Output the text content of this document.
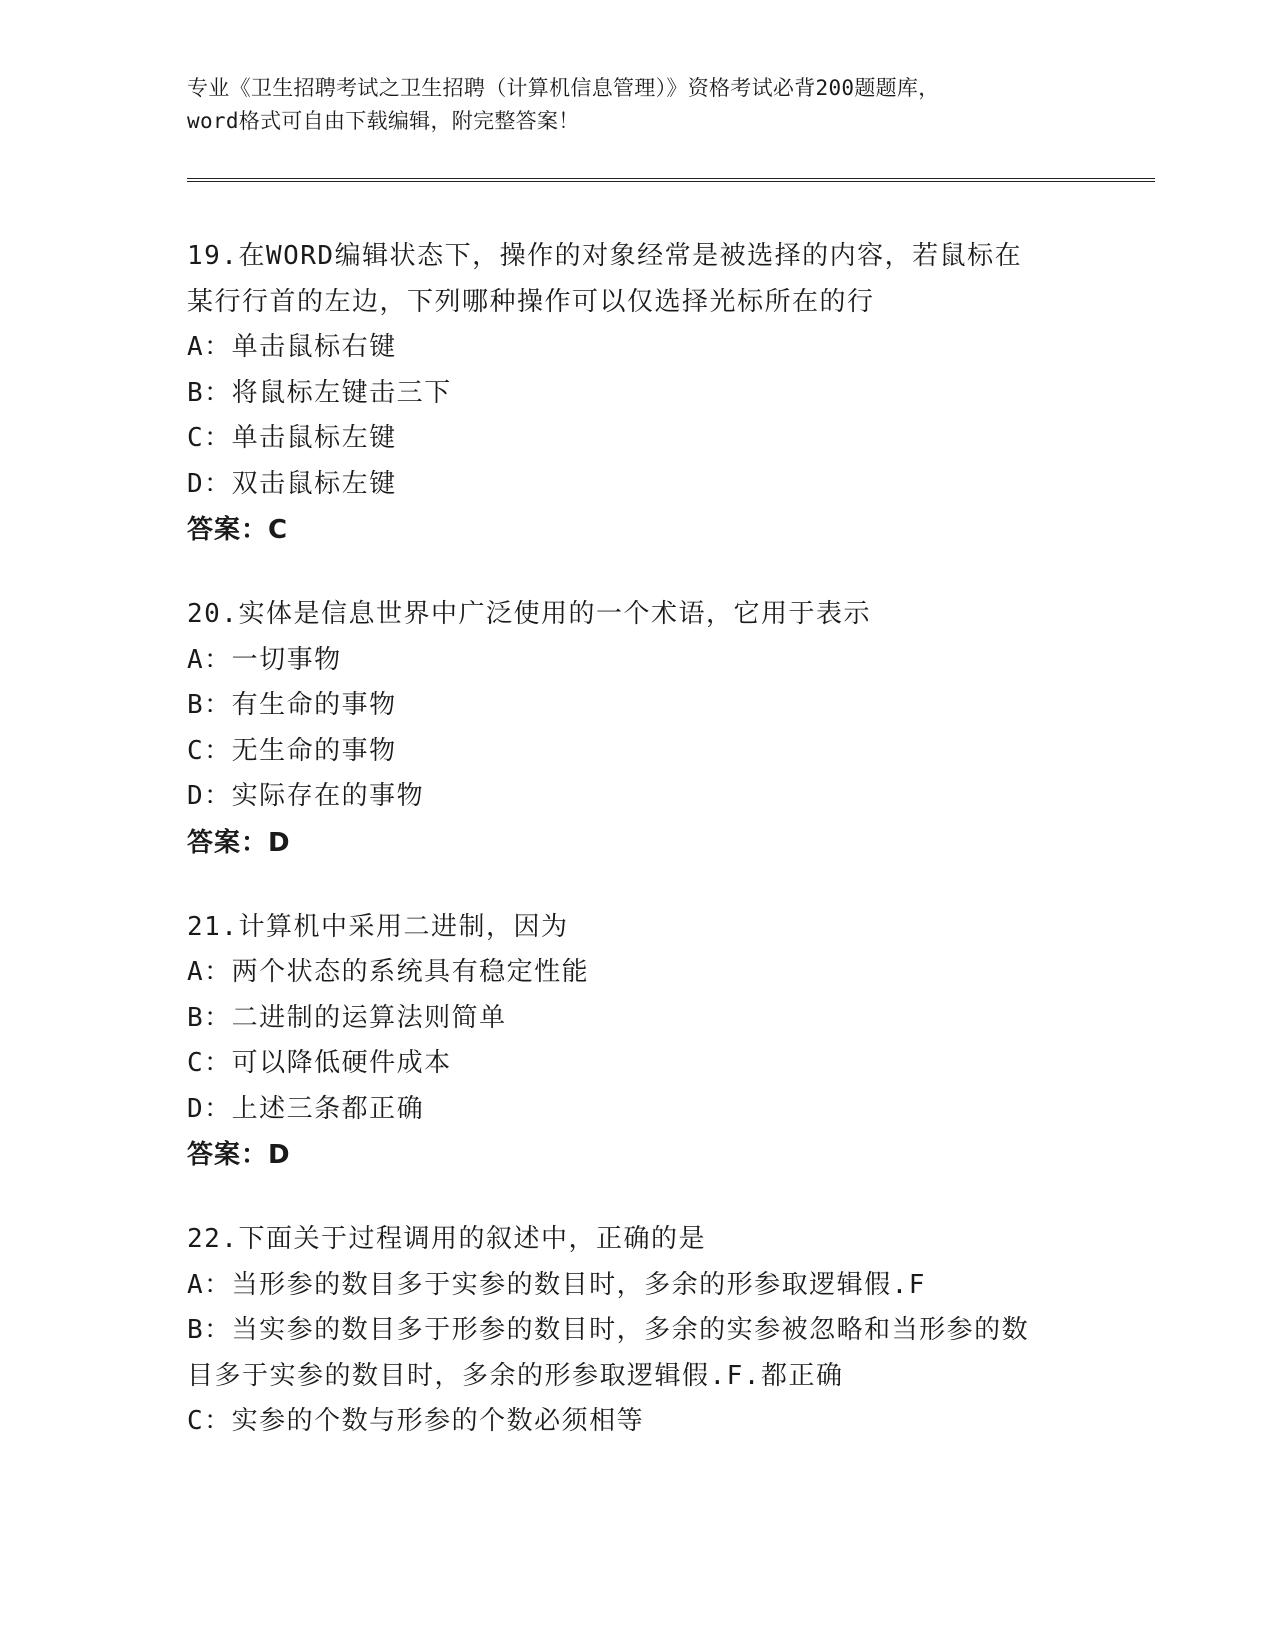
专业《卫生招聘考试之卫生招聘（计算机信息管理）》资格考试必背200题题库，
word格式可自由下载编辑，附完整答案！
19.在WORD编辑状态下，操作的对象经常是被选择的内容，若鼠标在
某行行首的左边，下列哪种操作可以仅选择光标所在的行
A：单击鼠标右键
B：将鼠标左键击三下
C：单击鼠标左键
D：双击鼠标左键
答案：C
20.实体是信息世界中广泛使用的一个术语，它用于表示
A：一切事物
B：有生命的事物
C：无生命的事物
D：实际存在的事物
答案：D
21.计算机中采用二进制，因为
A：两个状态的系统具有稳定性能
B：二进制的运算法则简单
C：可以降低硬件成本
D：上述三条都正确
答案：D
22.下面关于过程调用的叙述中，正确的是
A：当形参的数目多于实参的数目时，多余的形参取逻辑假.F
B：当实参的数目多于形参的数目时，多余的实参被忽略和当形参的数
目多于实参的数目时，多余的形参取逻辑假.F.都正确
C：实参的个数与形参的个数必须相等
